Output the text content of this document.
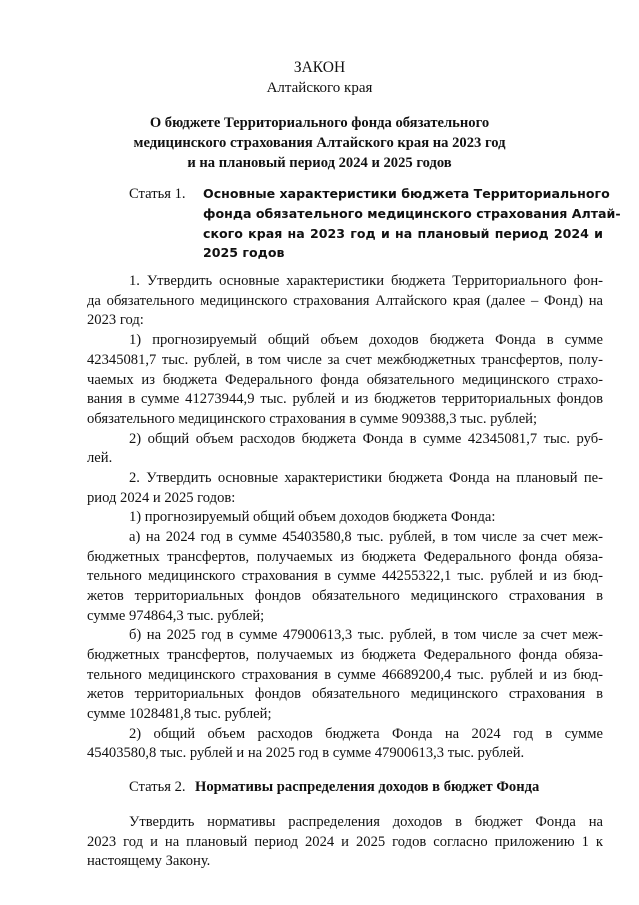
ЗАКОН
Алтайского края
О бюджете Территориального фонда обязательного
медицинского страхования Алтайского края на 2023 год
и на плановый период 2024 и 2025 годов
Статья 1. Основные характеристики бюджета Территориального
фонда обязательного медицинского страхования Алтай-
ского края на 2023 год и на плановый период 2024 и
2025 годов
1. Утвердить основные характеристики бюджета Территориального фон-
да обязательного медицинского страхования Алтайского края (далее – Фонд) на
2023 год:
1) прогнозируемый общий объем доходов бюджета Фонда в сумме
42345081,7 тыс. рублей, в том числе за счет межбюджетных трансфертов, полу-
чаемых из бюджета Федерального фонда обязательного медицинского страхо-
вания в сумме 41273944,9 тыс. рублей и из бюджетов территориальных фондов
обязательного медицинского страхования в сумме 909388,3 тыс. рублей;
2) общий объем расходов бюджета Фонда в сумме 42345081,7 тыс. руб-
лей.
2. Утвердить основные характеристики бюджета Фонда на плановый пе-
риод 2024 и 2025 годов:
1) прогнозируемый общий объем доходов бюджета Фонда:
а) на 2024 год в сумме 45403580,8 тыс. рублей, в том числе за счет меж-
бюджетных трансфертов, получаемых из бюджета Федерального фонда обяза-
тельного медицинского страхования в сумме 44255322,1 тыс. рублей и из бюд-
жетов территориальных фондов обязательного медицинского страхования в
сумме 974864,3 тыс. рублей;
б) на 2025 год в сумме 47900613,3 тыс. рублей, в том числе за счет меж-
бюджетных трансфертов, получаемых из бюджета Федерального фонда обяза-
тельного медицинского страхования в сумме 46689200,4 тыс. рублей и из бюд-
жетов территориальных фондов обязательного медицинского страхования в
сумме 1028481,8 тыс. рублей;
2) общий объем расходов бюджета Фонда на 2024 год в сумме
45403580,8 тыс. рублей и на 2025 год в сумме 47900613,3 тыс. рублей.
Статья 2. Нормативы распределения доходов в бюджет Фонда
Утвердить нормативы распределения доходов в бюджет Фонда на
2023 год и на плановый период 2024 и 2025 годов согласно приложению 1 к
настоящему Закону.
